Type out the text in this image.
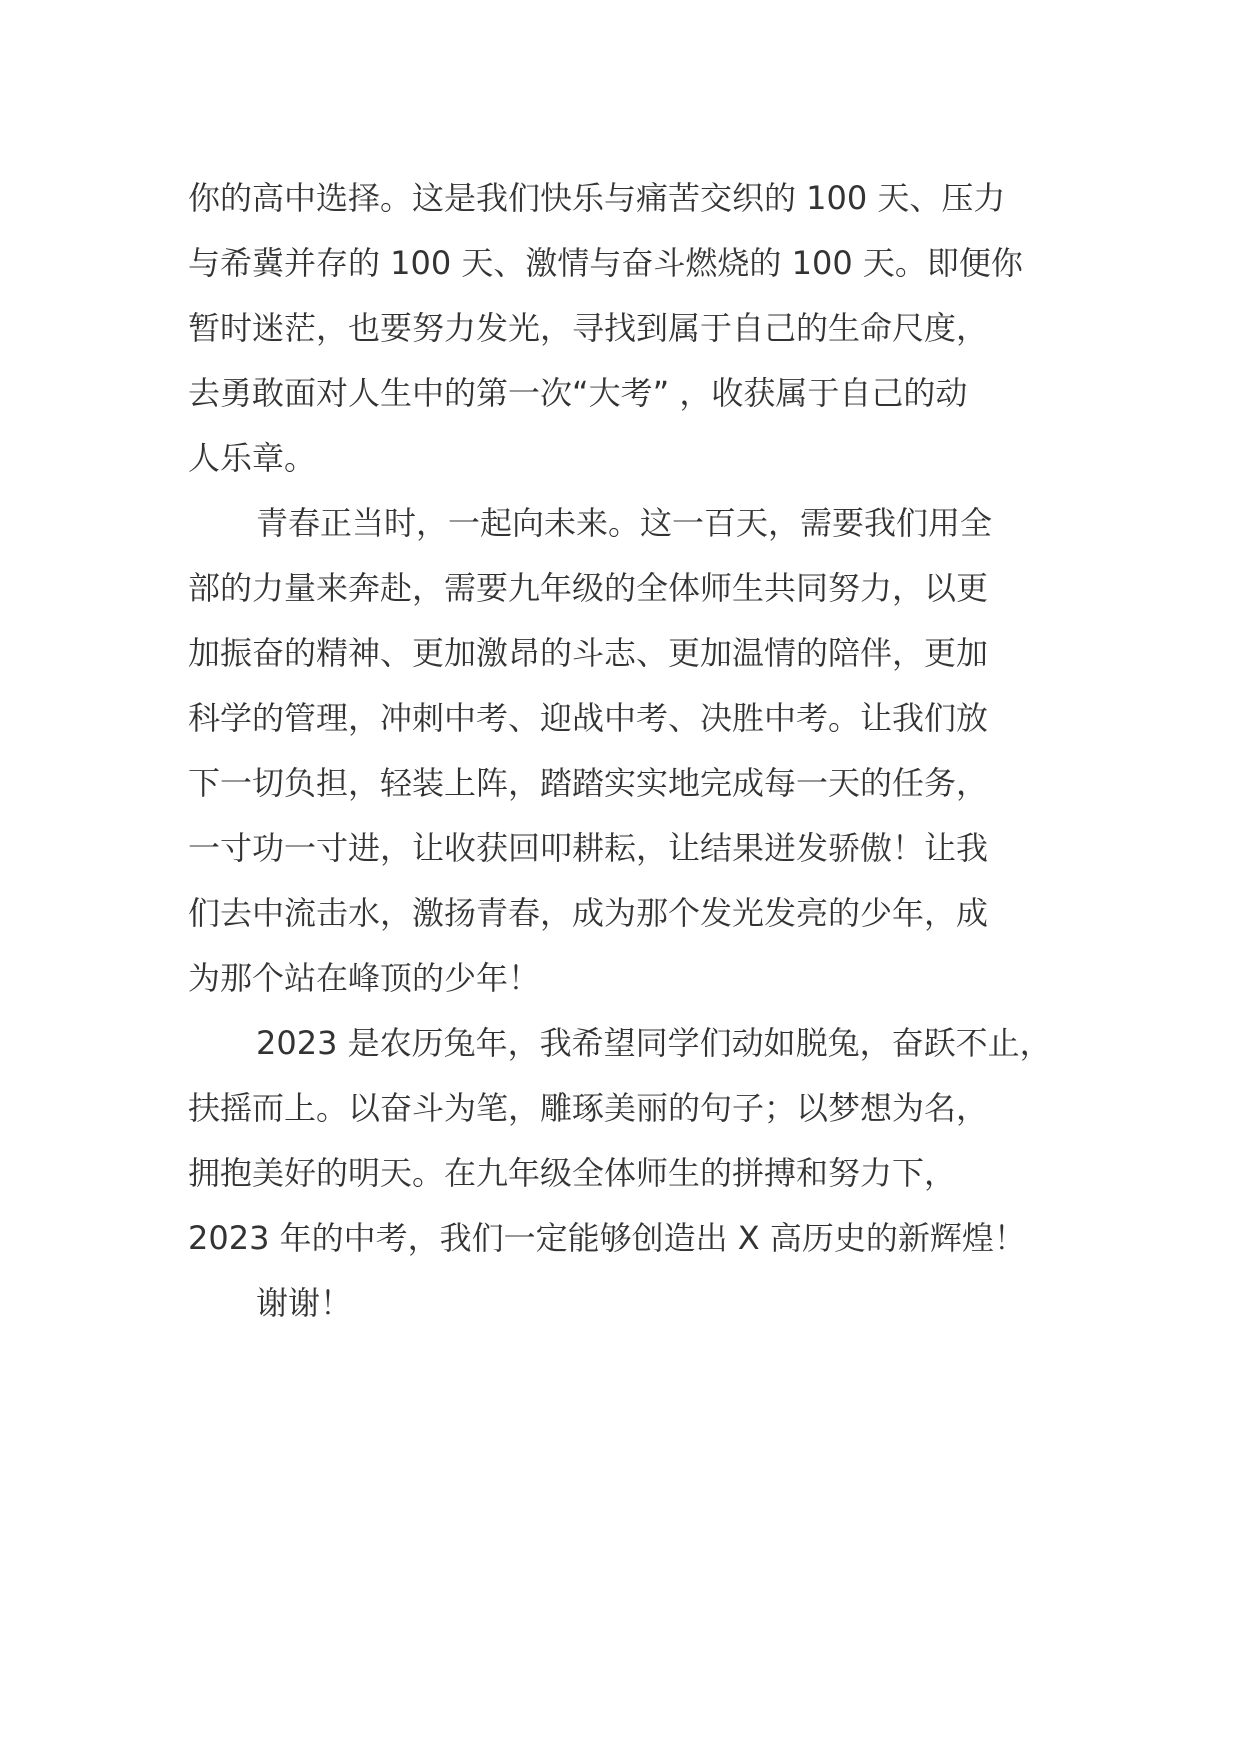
你的高中选择。这是我们快乐与痛苦交织的 100 天、压力
与希冀并存的 100 天、激情与奋斗燃烧的 100 天。即便你
暂时迷茫，也要努力发光，寻找到属于自己的生命尺度，
去勇敢面对人生中的第一次“大考” ，收获属于自己的动
人乐章。
青春正当时，一起向未来。这一百天，需要我们用全
部的力量来奔赴，需要九年级的全体师生共同努力，以更
加振奋的精神、更加激昂的斗志、更加温情的陪伴，更加
科学的管理，冲刺中考、迎战中考、决胜中考。让我们放
下一切负担，轻装上阵，踏踏实实地完成每一天的任务，
一寸功一寸进，让收获回叩耕耘，让结果迸发骄傲！让我
们去中流击水，激扬青春，成为那个发光发亮的少年，成
为那个站在峰顶的少年！
2023 是农历兔年，我希望同学们动如脱兔，奋跃不止，
扶摇而上。以奋斗为笔，雕琢美丽的句子；以梦想为名，
拥抱美好的明天。在九年级全体师生的拼搏和努力下，
2023 年的中考，我们一定能够创造出 X 高历史的新辉煌！
谢谢！
